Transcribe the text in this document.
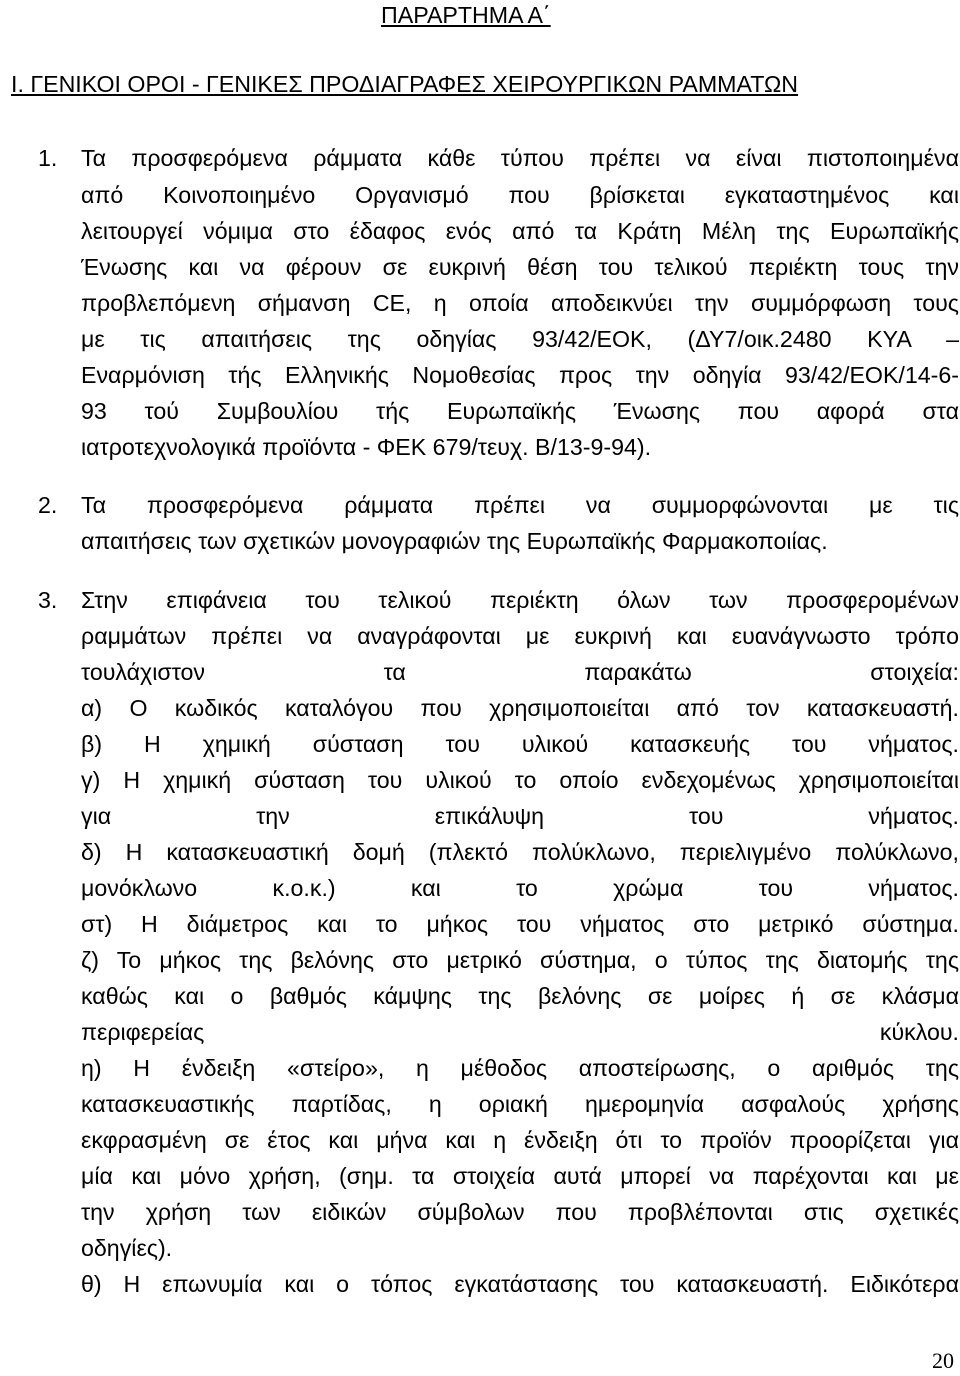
ΠΑΡΑΡΤΗΜΑ Α΄
Ι. ΓΕΝΙΚΟΙ ΟΡΟΙ - ΓΕΝΙΚΕΣ ΠΡΟΔΙΑΓΡΑΦΕΣ ΧΕΙΡΟΥΡΓΙΚΩΝ ΡΑΜΜΑΤΩΝ
1. Τα προσφερόμενα ράμματα κάθε τύπου πρέπει να είναι πιστοποιημένα
από Κοινοποιημένο Οργανισμό που βρίσκεται εγκαταστημένος και
λειτουργεί νόμιμα στο έδαφος ενός από τα Κράτη Μέλη της Ευρωπαϊκής
Ένωσης και να φέρουν σε ευκρινή θέση του τελικού περιέκτη τους την
προβλεπόμενη σήμανση CE, η οποία αποδεικνύει την συμμόρφωση τους
με τις απαιτήσεις της οδηγίας 93/42/ΕΟΚ, (ΔΥ7/οικ.2480 ΚΥΑ –
Εναρμόνιση τής Ελληνικής Νομοθεσίας προς την οδηγία 93/42/ΕΟΚ/14-6-
93 τού Συμβουλίου τής Ευρωπαϊκής Ένωσης που αφορά στα
ιατροτεχνολογικά προϊόντα - ΦΕΚ 679/τευχ. Β/13-9-94).
2. Τα προσφερόμενα ράμματα πρέπει να συμμορφώνονται με τις
απαιτήσεις των σχετικών μονογραφιών της Ευρωπαϊκής Φαρμακοποιίας.
3. Στην επιφάνεια του τελικού περιέκτη όλων των προσφερομένων
ραμμάτων πρέπει να αναγράφονται με ευκρινή και ευανάγνωστο τρόπο
τουλάχιστον τα παρακάτω στοιχεία:
α) Ο κωδικός καταλόγου που χρησιμοποιείται από τον κατασκευαστή.
β) Η χημική σύσταση του υλικού κατασκευής του νήματος.
γ) Η χημική σύσταση του υλικού το οποίο ενδεχομένως χρησιμοποιείται
για την επικάλυψη του νήματος.
δ) Η κατασκευαστική δομή (πλεκτό πολύκλωνο, περιελιγμένο πολύκλωνο,
μονόκλωνο κ.ο.κ.) και το χρώμα του νήματος.
στ) Η διάμετρος και το μήκος του νήματος στο μετρικό σύστημα.
ζ) Το μήκος της βελόνης στο μετρικό σύστημα, ο τύπος της διατομής της
καθώς και ο βαθμός κάμψης της βελόνης σε μοίρες ή σε κλάσμα
περιφερείας κύκλου.
η) Η ένδειξη «στείρο», η μέθοδος αποστείρωσης, ο αριθμός της
κατασκευαστικής παρτίδας, η οριακή ημερομηνία ασφαλούς χρήσης
εκφρασμένη σε έτος και μήνα και η ένδειξη ότι το προϊόν προορίζεται για
μία και μόνο χρήση, (σημ. τα στοιχεία αυτά μπορεί να παρέχονται και με
την χρήση των ειδικών σύμβολων που προβλέπονται στις σχετικές
οδηγίες).
θ) Η επωνυμία και ο τόπος εγκατάστασης του κατασκευαστή. Ειδικότερα
20
